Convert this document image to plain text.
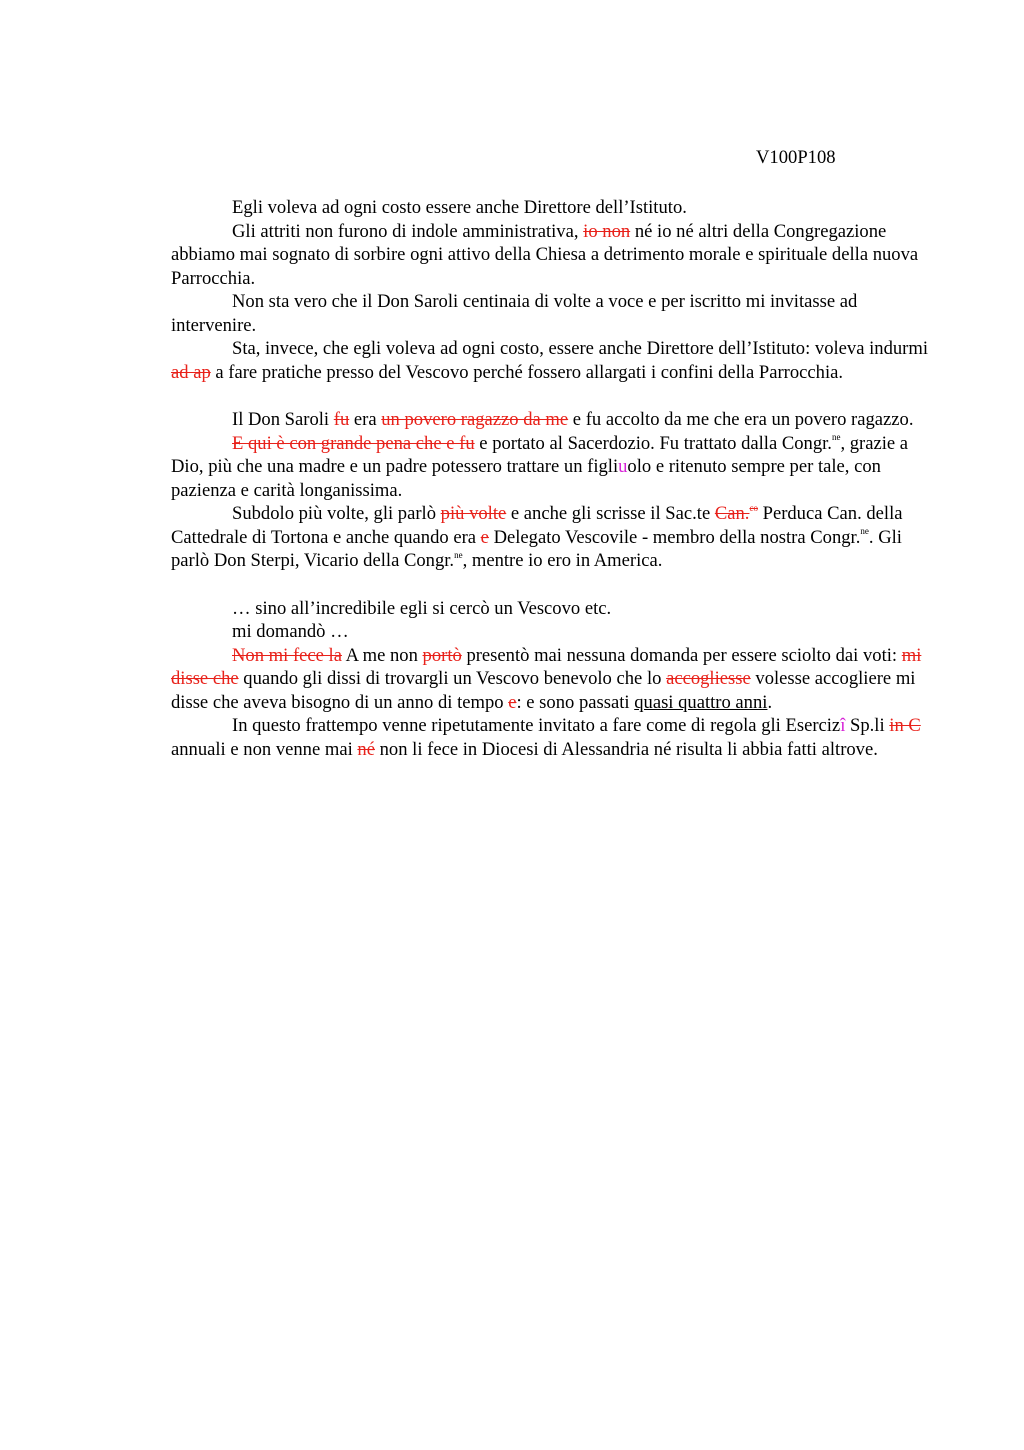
V100P108

Egli voleva ad ogni costo essere anche Direttore dell’Istituto.

Gli attriti non furono di indole amministrativa, io non né io né altri della Congregazione abbiamo mai sognato di sorbire ogni attivo della Chiesa a detrimento morale e spirituale della nuova Parrocchia.

Non sta vero che il Don Saroli centinaia di volte a voce e per iscritto mi invitasse ad intervenire.

Sta, invece, che egli voleva ad ogni costo, essere anche Direttore dell’Istituto: voleva indurmi ad ap a fare pratiche presso del Vescovo perché fossero allargati i confini della Parrocchia.

Il Don Saroli fu era un povero ragazzo da me e fu accolto da me che era un povero ragazzo.

E qui è con grande pena che e fu e portato al Sacerdozio. Fu trattato dalla Congr.$^{ne}$, grazie a Dio, più che una madre e un padre potessero trattare un figliuolo e ritenuto sempre per tale, con pazienza e carità longanissima.

Subdolo più volte, gli parlò più volte e anche gli scrisse il Sac.te Can.$^{co}$ Perduca Can. della Cattedrale di Tortona e anche quando era e Delegato Vescovile - membro della nostra Congr.$^{ne}$. Gli parlò Don Sterpi, Vicario della Congr.$^{ne}$, mentre io ero in America.

… sino all’incredibile egli si cercò un Vescovo etc.

mi domandò …

Non mi fece la A me non portò presentò mai nessuna domanda per essere sciolto dai voti: mi disse che quando gli dissi di trovargli un Vescovo benevolo che lo accogliesse volesse accogliere mi disse che aveva bisogno di un anno di tempo e: e sono passati quasi quattro anni.

In questo frattempo venne ripetutamente invitato a fare come di regola gli Esercizî Sp.li in C annuali e non venne mai né non li fece in Diocesi di Alessandria né risulta li abbia fatti altrove.
